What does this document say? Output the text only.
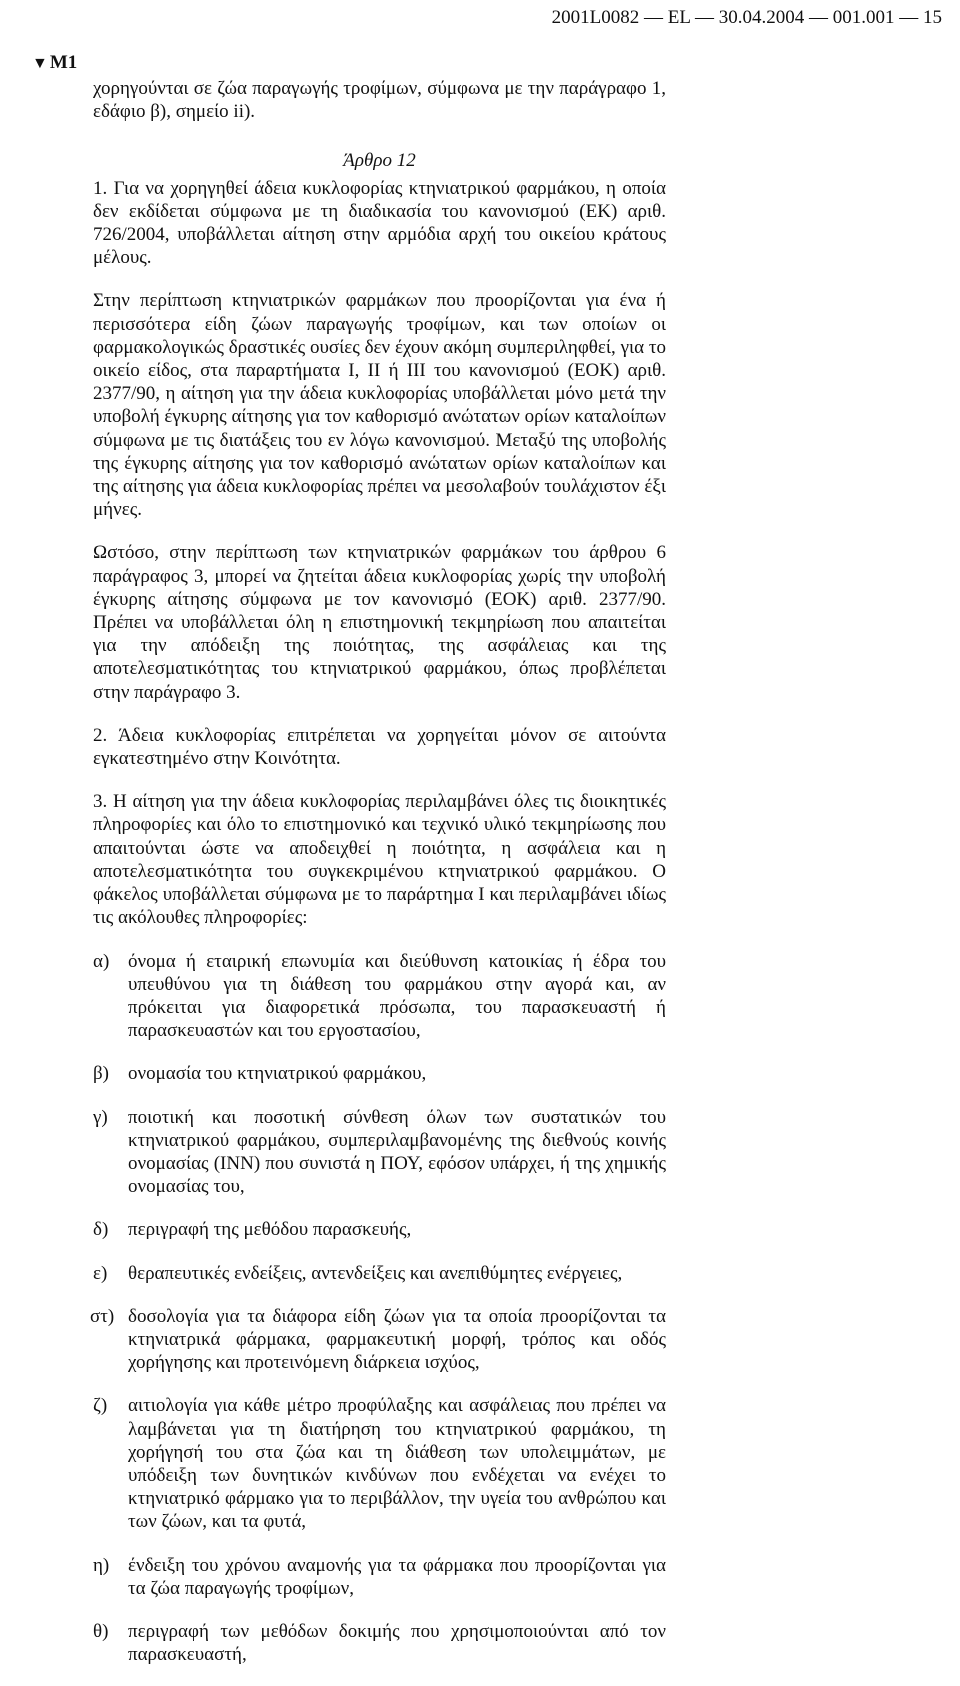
2001L0082 — EL — 30.04.2004 — 001.001 — 15
▼ M1

χορηγούνται σε ζώα παραγωγής τροφίμων, σύμφωνα με την παράγραφο 1, εδάφιο β), σημείο ii).

Άρθρο 12

1. Για να χορηγηθεί άδεια κυκλοφορίας κτηνιατρικού φαρμάκου, η οποία δεν εκδίδεται σύμφωνα με τη διαδικασία του κανονισμού (ΕΚ) αριθ. 726/2004, υποβάλλεται αίτηση στην αρμόδια αρχή του οικείου κράτους μέλους.

Στην περίπτωση κτηνιατρικών φαρμάκων που προορίζονται για ένα ή περισσότερα είδη ζώων παραγωγής τροφίμων, και των οποίων οι φαρμακολογικώς δραστικές ουσίες δεν έχουν ακόμη συμπεριληφθεί, για το οικείο είδος, στα παραρτήματα I, II ή III του κανονισμού (ΕΟΚ) αριθ. 2377/90, η αίτηση για την άδεια κυκλοφορίας υποβάλλεται μόνο μετά την υποβολή έγκυρης αίτησης για τον καθορισμό ανώτατων ορίων καταλοίπων σύμφωνα με τις διατάξεις του εν λόγω κανονισμού. Μεταξύ της υποβολής της έγκυρης αίτησης για τον καθορισμό ανώτατων ορίων καταλοίπων και της αίτησης για άδεια κυκλοφορίας πρέπει να μεσολαβούν τουλάχιστον έξι μήνες.

Ωστόσο, στην περίπτωση των κτηνιατρικών φαρμάκων του άρθρου 6 παράγραφος 3, μπορεί να ζητείται άδεια κυκλοφορίας χωρίς την υποβολή έγκυρης αίτησης σύμφωνα με τον κανονισμό (ΕΟΚ) αριθ. 2377/90. Πρέπει να υποβάλλεται όλη η επιστημονική τεκμηρίωση που απαιτείται για την απόδειξη της ποιότητας, της ασφάλειας και της αποτελεσματικότητας του κτηνιατρικού φαρμάκου, όπως προβλέπεται στην παράγραφο 3.

2. Άδεια κυκλοφορίας επιτρέπεται να χορηγείται μόνον σε αιτούντα εγκατεστημένο στην Κοινότητα.

3. Η αίτηση για την άδεια κυκλοφορίας περιλαμβάνει όλες τις διοικητικές πληροφορίες και όλο το επιστημονικό και τεχνικό υλικό τεκμηρίωσης που απαιτούνται ώστε να αποδειχθεί η ποιότητα, η ασφάλεια και η αποτελεσματικότητα του συγκεκριμένου κτηνιατρικού φαρμάκου. Ο φάκελος υποβάλλεται σύμφωνα με το παράρτημα I και περιλαμβάνει ιδίως τις ακόλουθες πληροφορίες:

α) όνομα ή εταιρική επωνυμία και διεύθυνση κατοικίας ή έδρα του υπευθύνου για τη διάθεση του φαρμάκου στην αγορά και, αν πρόκειται για διαφορετικά πρόσωπα, του παρασκευαστή ή παρασκευαστών και του εργοστασίου,
β) ονομασία του κτηνιατρικού φαρμάκου,
γ) ποιοτική και ποσοτική σύνθεση όλων των συστατικών του κτηνιατρικού φαρμάκου, συμπεριλαμβανομένης της διεθνούς κοινής ονομασίας (INN) που συνιστά η ΠΟΥ, εφόσον υπάρχει, ή της χημικής ονομασίας του,
δ) περιγραφή της μεθόδου παρασκευής,
ε) θεραπευτικές ενδείξεις, αντενδείξεις και ανεπιθύμητες ενέργειες,
στ) δοσολογία για τα διάφορα είδη ζώων για τα οποία προορίζονται τα κτηνιατρικά φάρμακα, φαρμακευτική μορφή, τρόπος και οδός χορήγησης και προτεινόμενη διάρκεια ισχύος,
ζ) αιτιολογία για κάθε μέτρο προφύλαξης και ασφάλειας που πρέπει να λαμβάνεται για τη διατήρηση του κτηνιατρικού φαρμάκου, τη χορήγησή του στα ζώα και τη διάθεση των υπολειμμάτων, με υπόδειξη των δυνητικών κινδύνων που ενδέχεται να ενέχει το κτηνιατρικό φάρμακο για το περιβάλλον, την υγεία του ανθρώπου και των ζώων, και τα φυτά,
η) ένδειξη του χρόνου αναμονής για τα φάρμακα που προορίζονται για τα ζώα παραγωγής τροφίμων,
θ) περιγραφή των μεθόδων δοκιμής που χρησιμοποιούνται από τον παρασκευαστή,
